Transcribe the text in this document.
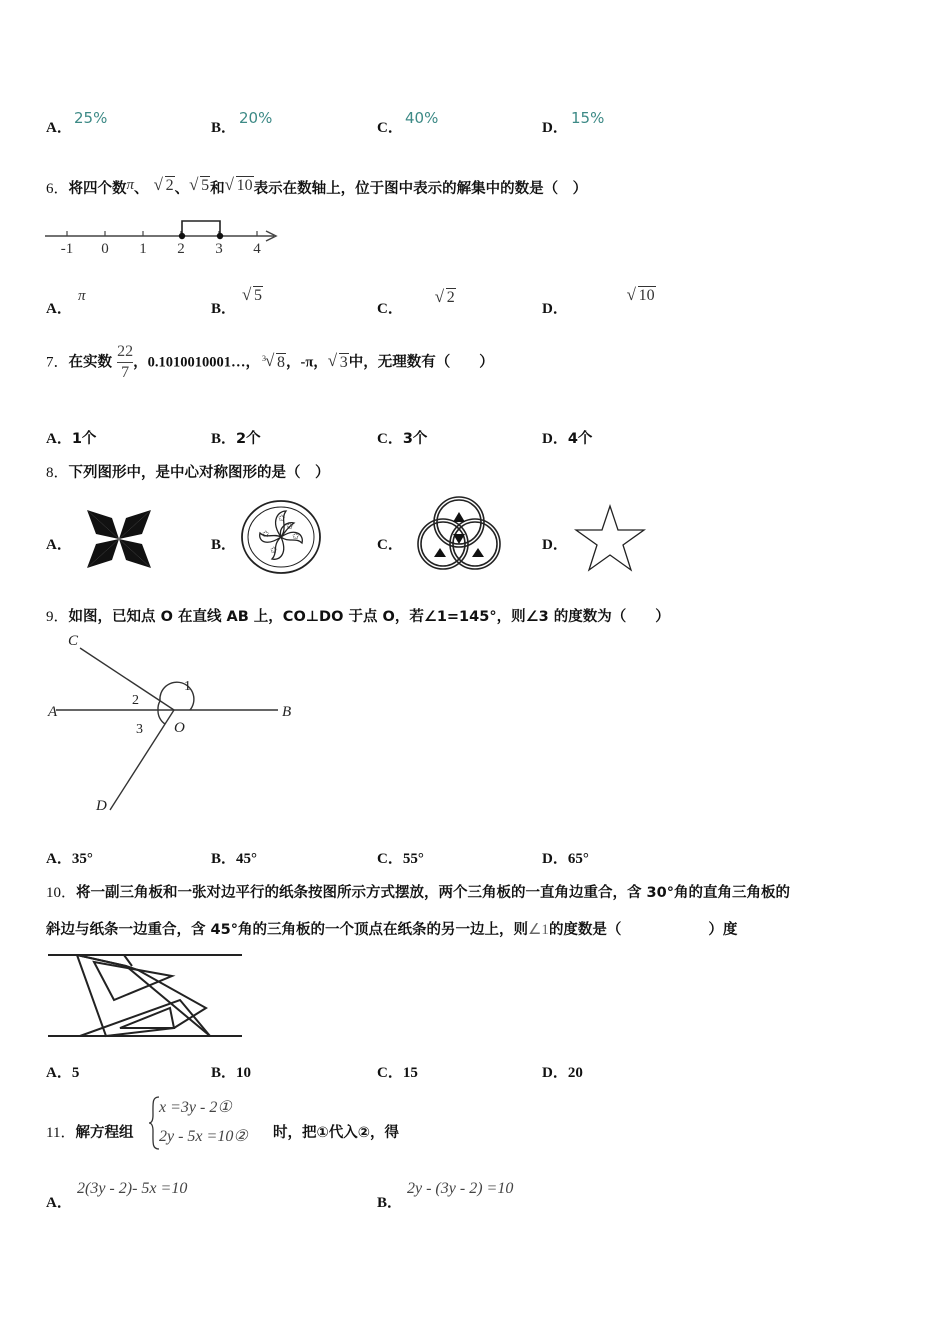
A．
25%
B．
20%
C．
40%
D．
15%
6．将四个数π、 √ 2、 √ 5和 √ 10表示在数轴上，位于图中表示的解集中的数是（　）
-1 0 1 2 3 4
A．
π
B．
√ 5
C．
√ 2
D．
√ 10
7．在实数 $\frac{22}{7}$ ，0.1010010001…， 3 √ 8，-π， √ 3中，无理数有（　　）
A．1个	B．2个	C．3个	D．4个
8．下列图形中，是中心对称图形的是（　）
A．	B．
✩
✩
✩
✩
✩
C．	D．
9．如图，已知点 O 在直线 AB 上，CO⊥DO 于点 O，若∠1=145°，则∠3 的度数为（　　）
A	B
C
D
O
1
2
3
A．35°	B．45°	C．55°	D．65°
10．将一副三角板和一张对边平行的纸条按图所示方式摆放，两个三角板的一直角边重合，含 30°角的直角三角板的
斜边与纸条一边重合，含 45°角的三角板的一个顶点在纸条的另一边上，则∠1的度数是（　　　　　　）度
A．5	B．10	C．15	D．20
11．解方程组
x =3y - 2①
2y - 5x =10② 时，把①代入②，得
A．
2(3y - 2)- 5x =10
B．
2y - (3y - 2) =10
